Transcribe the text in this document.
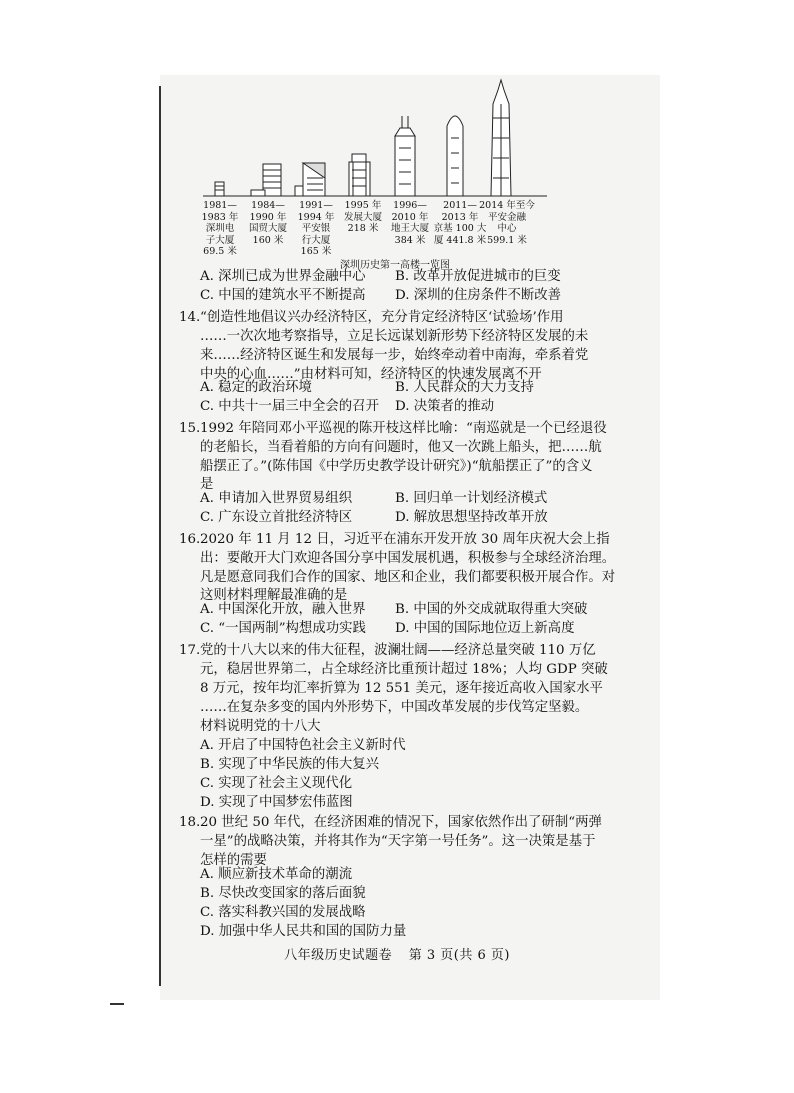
1981—
1983 年
深圳电
子大厦
69.5 米
1984—
1990 年
国贸大厦
160 米
1991—
1994 年
平安银
行大厦
165 米
1995 年
发展大厦
218 米
1996—
2010 年
地王大厦
384 米
2011—
2013 年
京基 100 大
厦 441.8 米
2014 年至今
平安金融
中心
599.1 米
深圳历史第一高楼一览图
A. 深圳已成为世界金融中心 B. 改革开放促进城市的巨变
C. 中国的建筑水平不断提高 D. 深圳的住房条件不断改善
14. “创造性地倡议兴办经济特区，充分肯定经济特区‘试验场’作用
……一次次地考察指导，立足长远谋划新形势下经济特区发展的未
来……经济特区诞生和发展每一步，始终牵动着中南海，牵系着党
中央的心血……”由材料可知，经济特区的快速发展离不开
A. 稳定的政治环境	B. 人民群众的大力支持
C. 中共十一届三中全会的召开 D. 决策者的推动
15. 1992 年陪同邓小平巡视的陈开枝这样比喻：“南巡就是一个已经退役
的老船长，当看着船的方向有问题时，他又一次跳上船头，把……航
船摆正了。”(陈伟国《中学历史教学设计研究》)“航船摆正了”的含义
是
A. 申请加入世界贸易组织	B. 回归单一计划经济模式
C. 广东设立首批经济特区	D. 解放思想坚持改革开放
16. 2020 年 11 月 12 日，习近平在浦东开发开放 30 周年庆祝大会上指
出：要敞开大门欢迎各国分享中国发展机遇，积极参与全球经济治理。
凡是愿意同我们合作的国家、地区和企业，我们都要积极开展合作。对
这则材料理解最准确的是
A. 中国深化开放，融入世界 B. 中国的外交成就取得重大突破
C. “一国两制”构想成功实践 D. 中国的国际地位迈上新高度
17. 党的十八大以来的伟大征程，波澜壮阔——经济总量突破 110 万亿
元，稳居世界第二，占全球经济比重预计超过 18%；人均 GDP 突破
8 万元，按年均汇率折算为 12 551 美元，逐年接近高收入国家水平
……在复杂多变的国内外形势下，中国改革发展的步伐笃定坚毅。
材料说明党的十八大
A. 开启了中国特色社会主义新时代
B. 实现了中华民族的伟大复兴
C. 实现了社会主义现代化
D. 实现了中国梦宏伟蓝图
18. 20 世纪 50 年代，在经济困难的情况下，国家依然作出了研制“两弹
一星”的战略决策，并将其作为“天字第一号任务”。这一决策是基于
怎样的需要
A. 顺应新技术革命的潮流
B. 尽快改变国家的落后面貌
C. 落实科教兴国的发展战略
D. 加强中华人民共和国的国防力量
八年级历史试题卷 第 3 页(共 6 页)
